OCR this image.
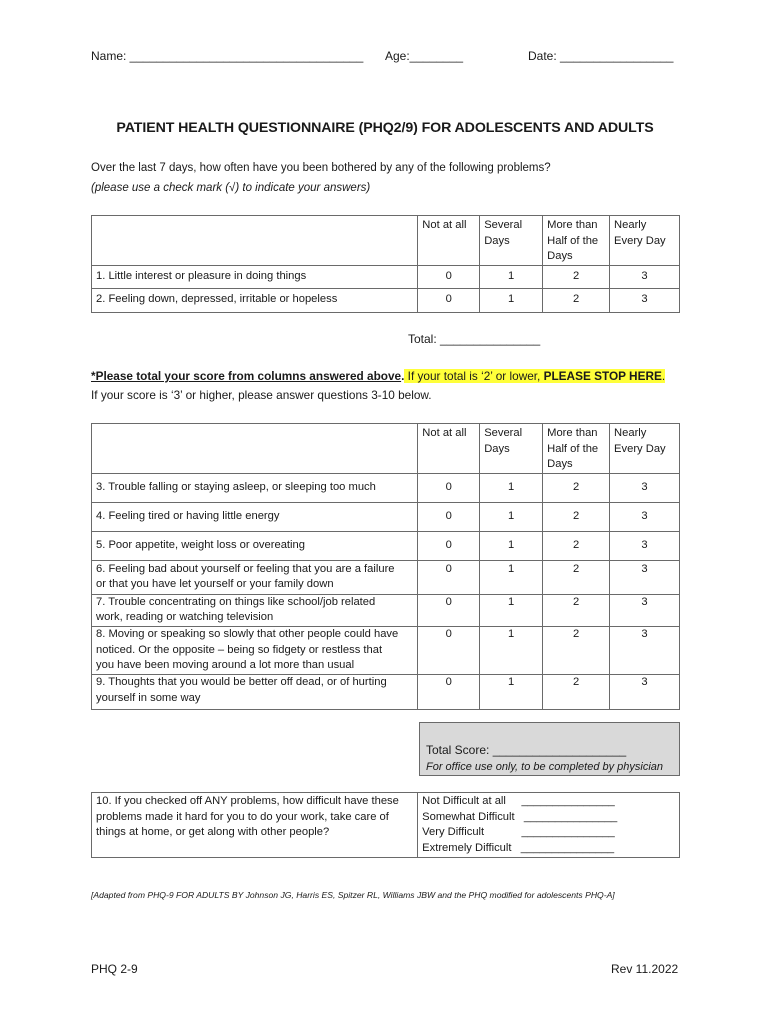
Name: ___________________________________ Age:________	Date: _________________
PATIENT HEALTH QUESTIONNAIRE (PHQ2/9) FOR ADOLESCENTS AND ADULTS
Over the last 7 days, how often have you been bothered by any of the following problems?
(please use a check mark (√) to indicate your answers)
	Not at all	Several
Days	More than
Half of the
Days	Nearly
Every Day
1. Little interest or pleasure in doing things	0	1	2	3
2. Feeling down, depressed, irritable or hopeless	0	1	2	3
Total: _______________
*Please total your score from columns answered above. If your total is ‘2’ or lower, PLEASE STOP HERE.
If your score is ‘3’ or higher, please answer questions 3-10 below.
	Not at all	Several
Days	More than
Half of the
Days	Nearly
Every Day
3. Trouble falling or staying asleep, or sleeping too much	0	1	2	3
4. Feeling tired or having little energy	0	1	2	3
5. Poor appetite, weight loss or overeating	0	1	2	3
6. Feeling bad about yourself or feeling that you are a failure
or that you have let yourself or your family down	0	1	2	3
7. Trouble concentrating on things like school/job related
work, reading or watching television	0	1	2	3
8. Moving or speaking so slowly that other people could have
noticed. Or the opposite – being so fidgety or restless that
you have been moving around a lot more than usual	0	1	2	3
9. Thoughts that you would be better off dead, or of hurting
yourself in some way	0	1	2	3
Total Score: ____________________
For office use only, to be completed by physician
10. If you checked off ANY problems, how difficult have these
problems made it hard for you to do your work, take care of
things at home, or get along with other people?	Not Difficult at all     _______________
Somewhat Difficult   _______________
Very Difficult            _______________
Extremely Difficult   _______________
[Adapted from PHQ-9 FOR ADULTS BY Johnson JG, Harris ES, Spitzer RL, Williams JBW and the PHQ modified for adolescents PHQ-A]
PHQ 2-9	Rev 11.2022
